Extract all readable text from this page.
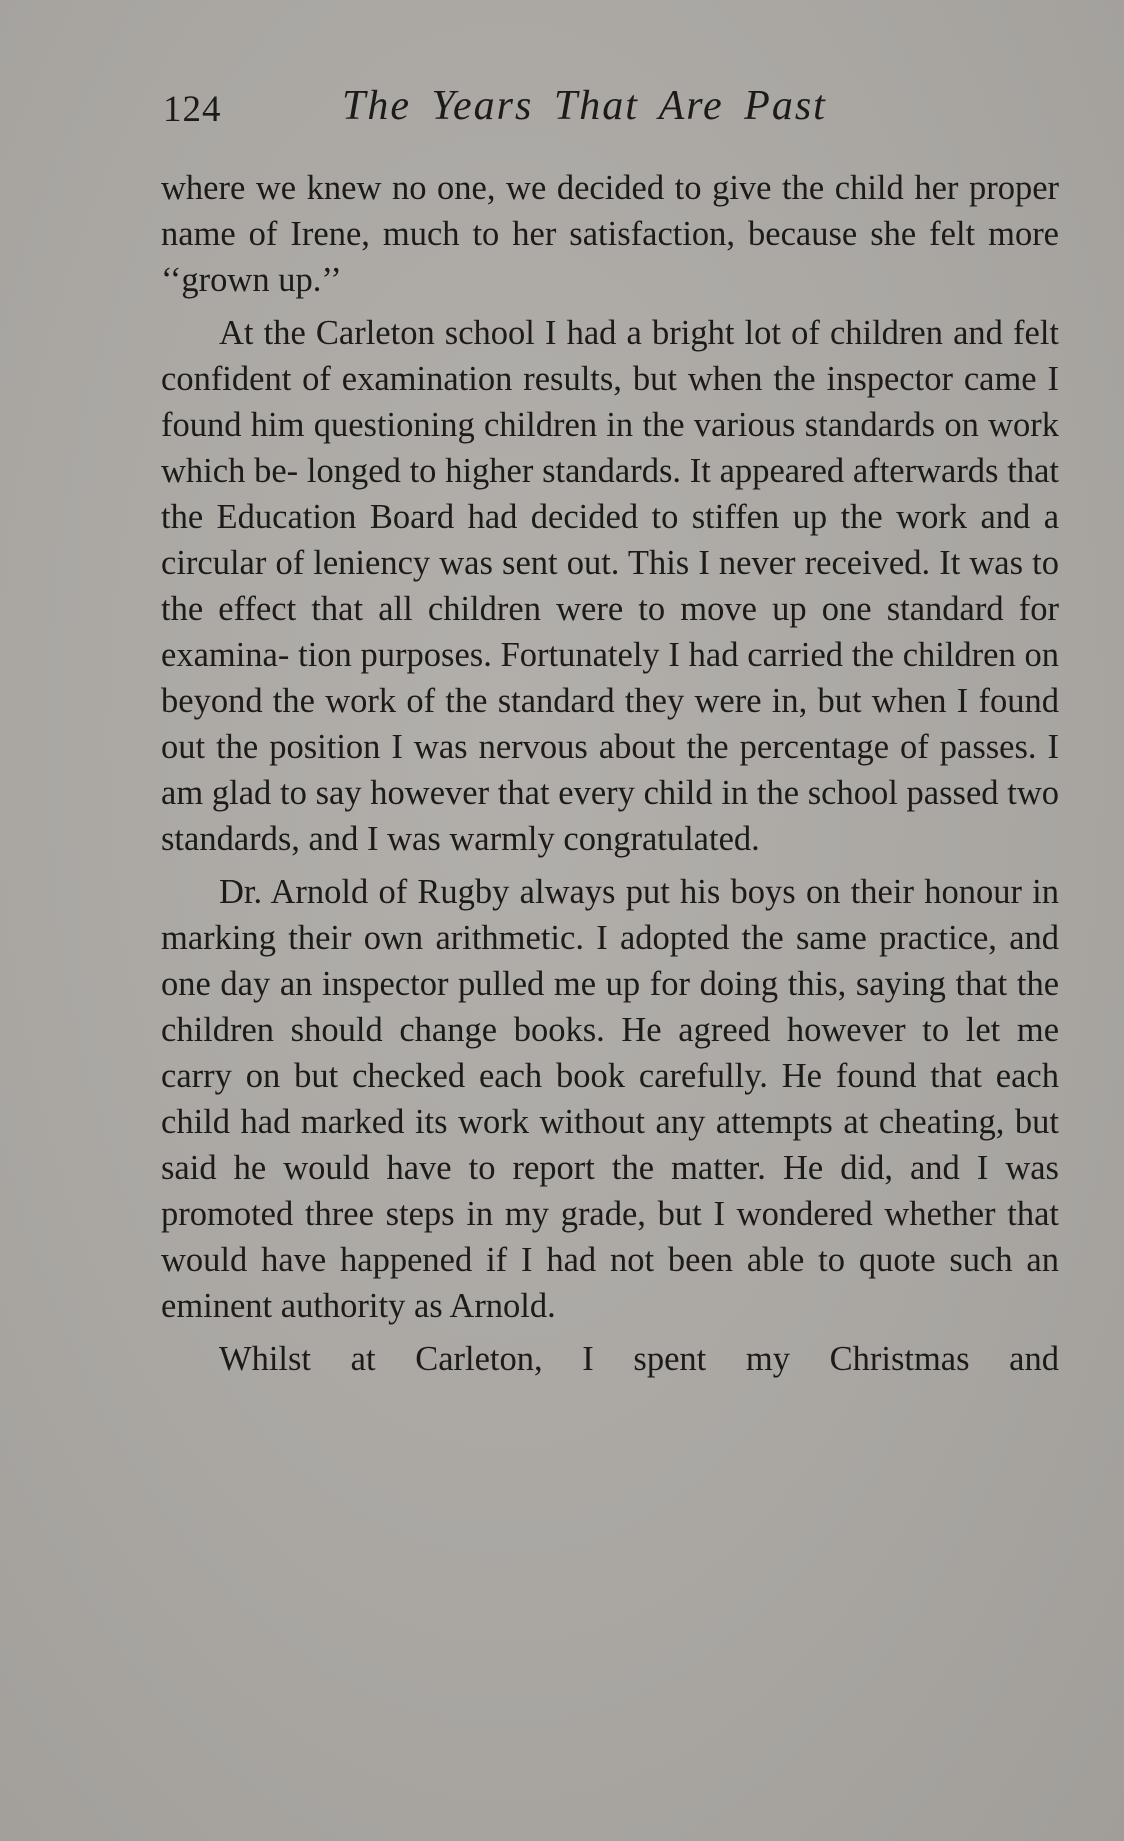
124	The Years That Are Past

where we knew no one, we decided to give the child her proper name of Irene, much to her satisfaction, because she felt more ‘‘grown up.’’

At the Carleton school I had a bright lot of children and felt confident of examination results, but when the inspector came I found him questioning children in the various standards on work which be- longed to higher standards. It appeared afterwards that the Education Board had decided to stiffen up the work and a circular of leniency was sent out. This I never received. It was to the effect that all children were to move up one standard for examina- tion purposes. Fortunately I had carried the children on beyond the work of the standard they were in, but when I found out the position I was nervous about the percentage of passes. I am glad to say however that every child in the school passed two standards, and I was warmly congratulated.

Dr. Arnold of Rugby always put his boys on their honour in marking their own arithmetic. I adopted the same practice, and one day an inspector pulled me up for doing this, saying that the children should change books. He agreed however to let me carry on but checked each book carefully. He found that each child had marked its work without any attempts at cheating, but said he would have to report the matter. He did, and I was promoted three steps in my grade, but I wondered whether that would have happened if I had not been able to quote such an eminent authority as Arnold.

Whilst at Carleton, I spent my Christmas and
